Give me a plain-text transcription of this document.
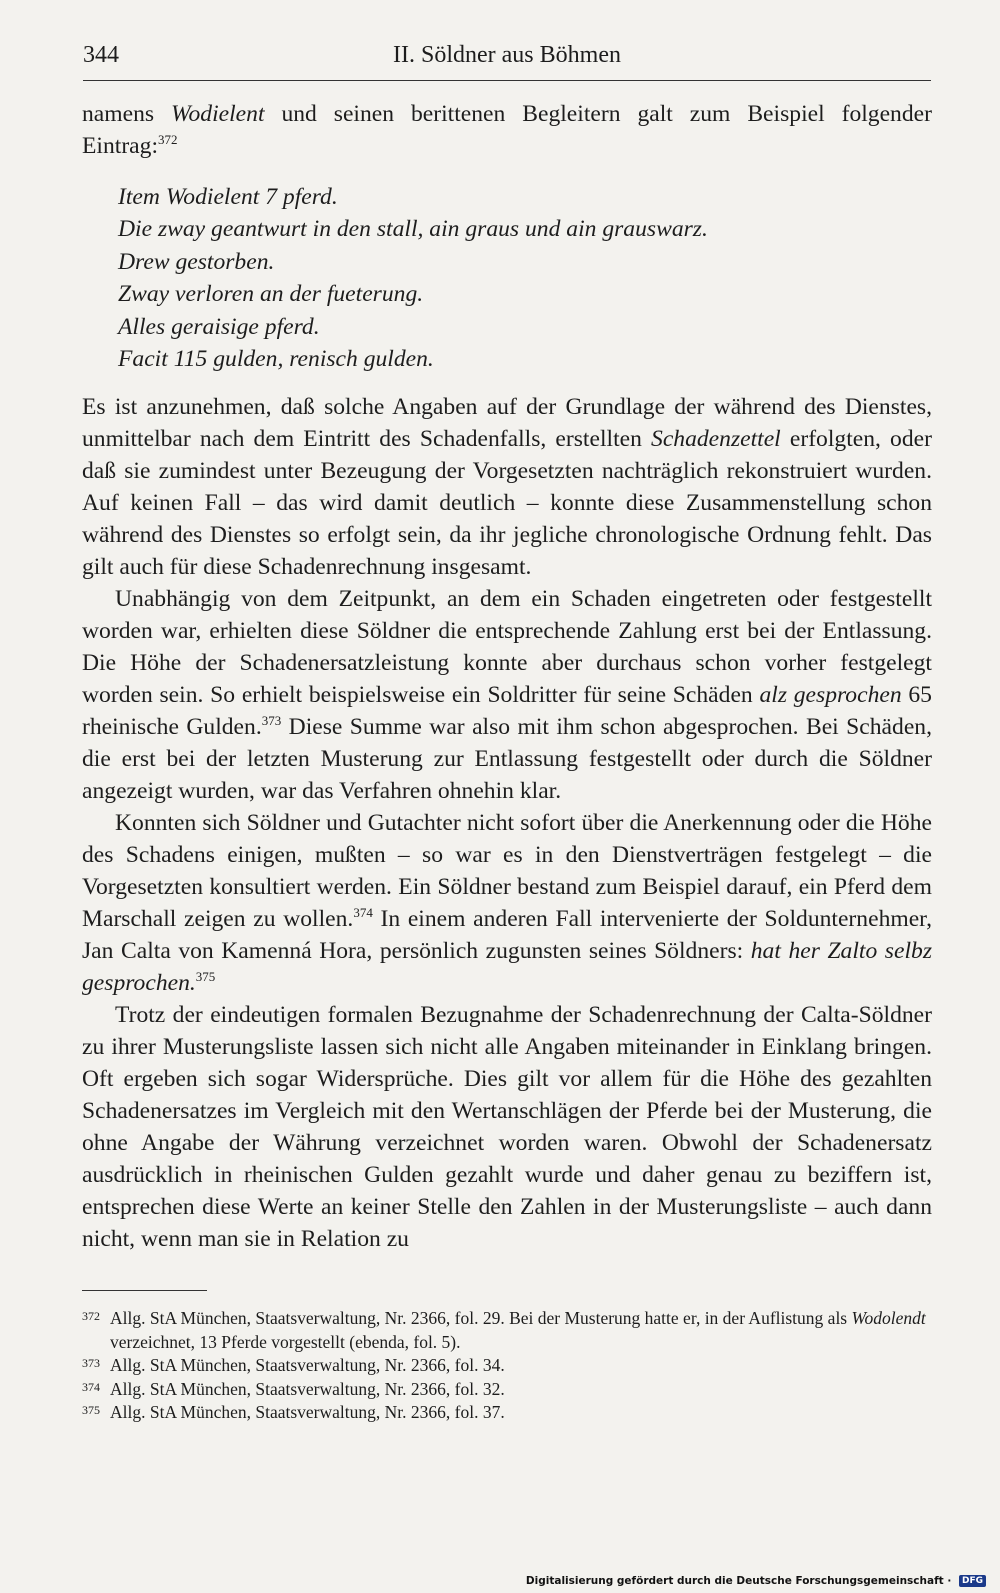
344	II. Söldner aus Böhmen

namens Wodielent und seinen berittenen Begleitern galt zum Beispiel folgender Eintrag:$^{372}$

Item Wodielent 7 pferd.

Die zway geantwurt in den stall, ain graus und ain grauswarz.

Drew gestorben.

Zway verloren an der fueterung.

Alles geraisige pferd.

Facit 115 gulden, renisch gulden.

Es ist anzunehmen, daß solche Angaben auf der Grundlage der während des Dienstes, unmittelbar nach dem Eintritt des Schadenfalls, erstellten Schadenzettel erfolgten, oder daß sie zumindest unter Bezeugung der Vorgesetzten nachträglich rekonstruiert wurden. Auf keinen Fall – das wird damit deutlich – konnte diese Zusammenstellung schon während des Dienstes so erfolgt sein, da ihr jegliche chronologische Ordnung fehlt. Das gilt auch für diese Schadenrechnung insgesamt.

Unabhängig von dem Zeitpunkt, an dem ein Schaden eingetreten oder festgestellt worden war, erhielten diese Söldner die entsprechende Zahlung erst bei der Entlassung. Die Höhe der Schadenersatzleistung konnte aber durchaus schon vorher festgelegt worden sein. So erhielt beispielsweise ein Soldritter für seine Schäden alz gesprochen 65 rheinische Gulden.$^{373}$ Diese Summe war also mit ihm schon abgesprochen. Bei Schäden, die erst bei der letzten Musterung zur Entlassung festgestellt oder durch die Söldner angezeigt wurden, war das Verfahren ohnehin klar.

Konnten sich Söldner und Gutachter nicht sofort über die Anerkennung oder die Höhe des Schadens einigen, mußten – so war es in den Dienstverträgen festgelegt – die Vorgesetzten konsultiert werden. Ein Söldner bestand zum Beispiel darauf, ein Pferd dem Marschall zeigen zu wollen.$^{374}$ In einem anderen Fall intervenierte der Soldunternehmer, Jan Calta von Kamenná Hora, persönlich zugunsten seines Söldners: hat her Zalto selbz gesprochen.$^{375}$

Trotz der eindeutigen formalen Bezugnahme der Schadenrechnung der Calta-Söldner zu ihrer Musterungsliste lassen sich nicht alle Angaben miteinander in Einklang bringen. Oft ergeben sich sogar Widersprüche. Dies gilt vor allem für die Höhe des gezahlten Schadenersatzes im Vergleich mit den Wertanschlägen der Pferde bei der Musterung, die ohne Angabe der Währung verzeichnet worden waren. Obwohl der Schadenersatz ausdrücklich in rheinischen Gulden gezahlt wurde und daher genau zu beziffern ist, entsprechen diese Werte an keiner Stelle den Zahlen in der Musterungsliste – auch dann nicht, wenn man sie in Relation zu

372 Allg. StA München, Staatsverwaltung, Nr. 2366, fol. 29. Bei der Musterung hatte er, in der Auflistung als Wodolendt verzeichnet, 13 Pferde vorgestellt (ebenda, fol. 5).

373 Allg. StA München, Staatsverwaltung, Nr. 2366, fol. 34.

374 Allg. StA München, Staatsverwaltung, Nr. 2366, fol. 32.

375 Allg. StA München, Staatsverwaltung, Nr. 2366, fol. 37.

Digitalisierung gefördert durch die Deutsche Forschungsgemeinschaft · DFG
